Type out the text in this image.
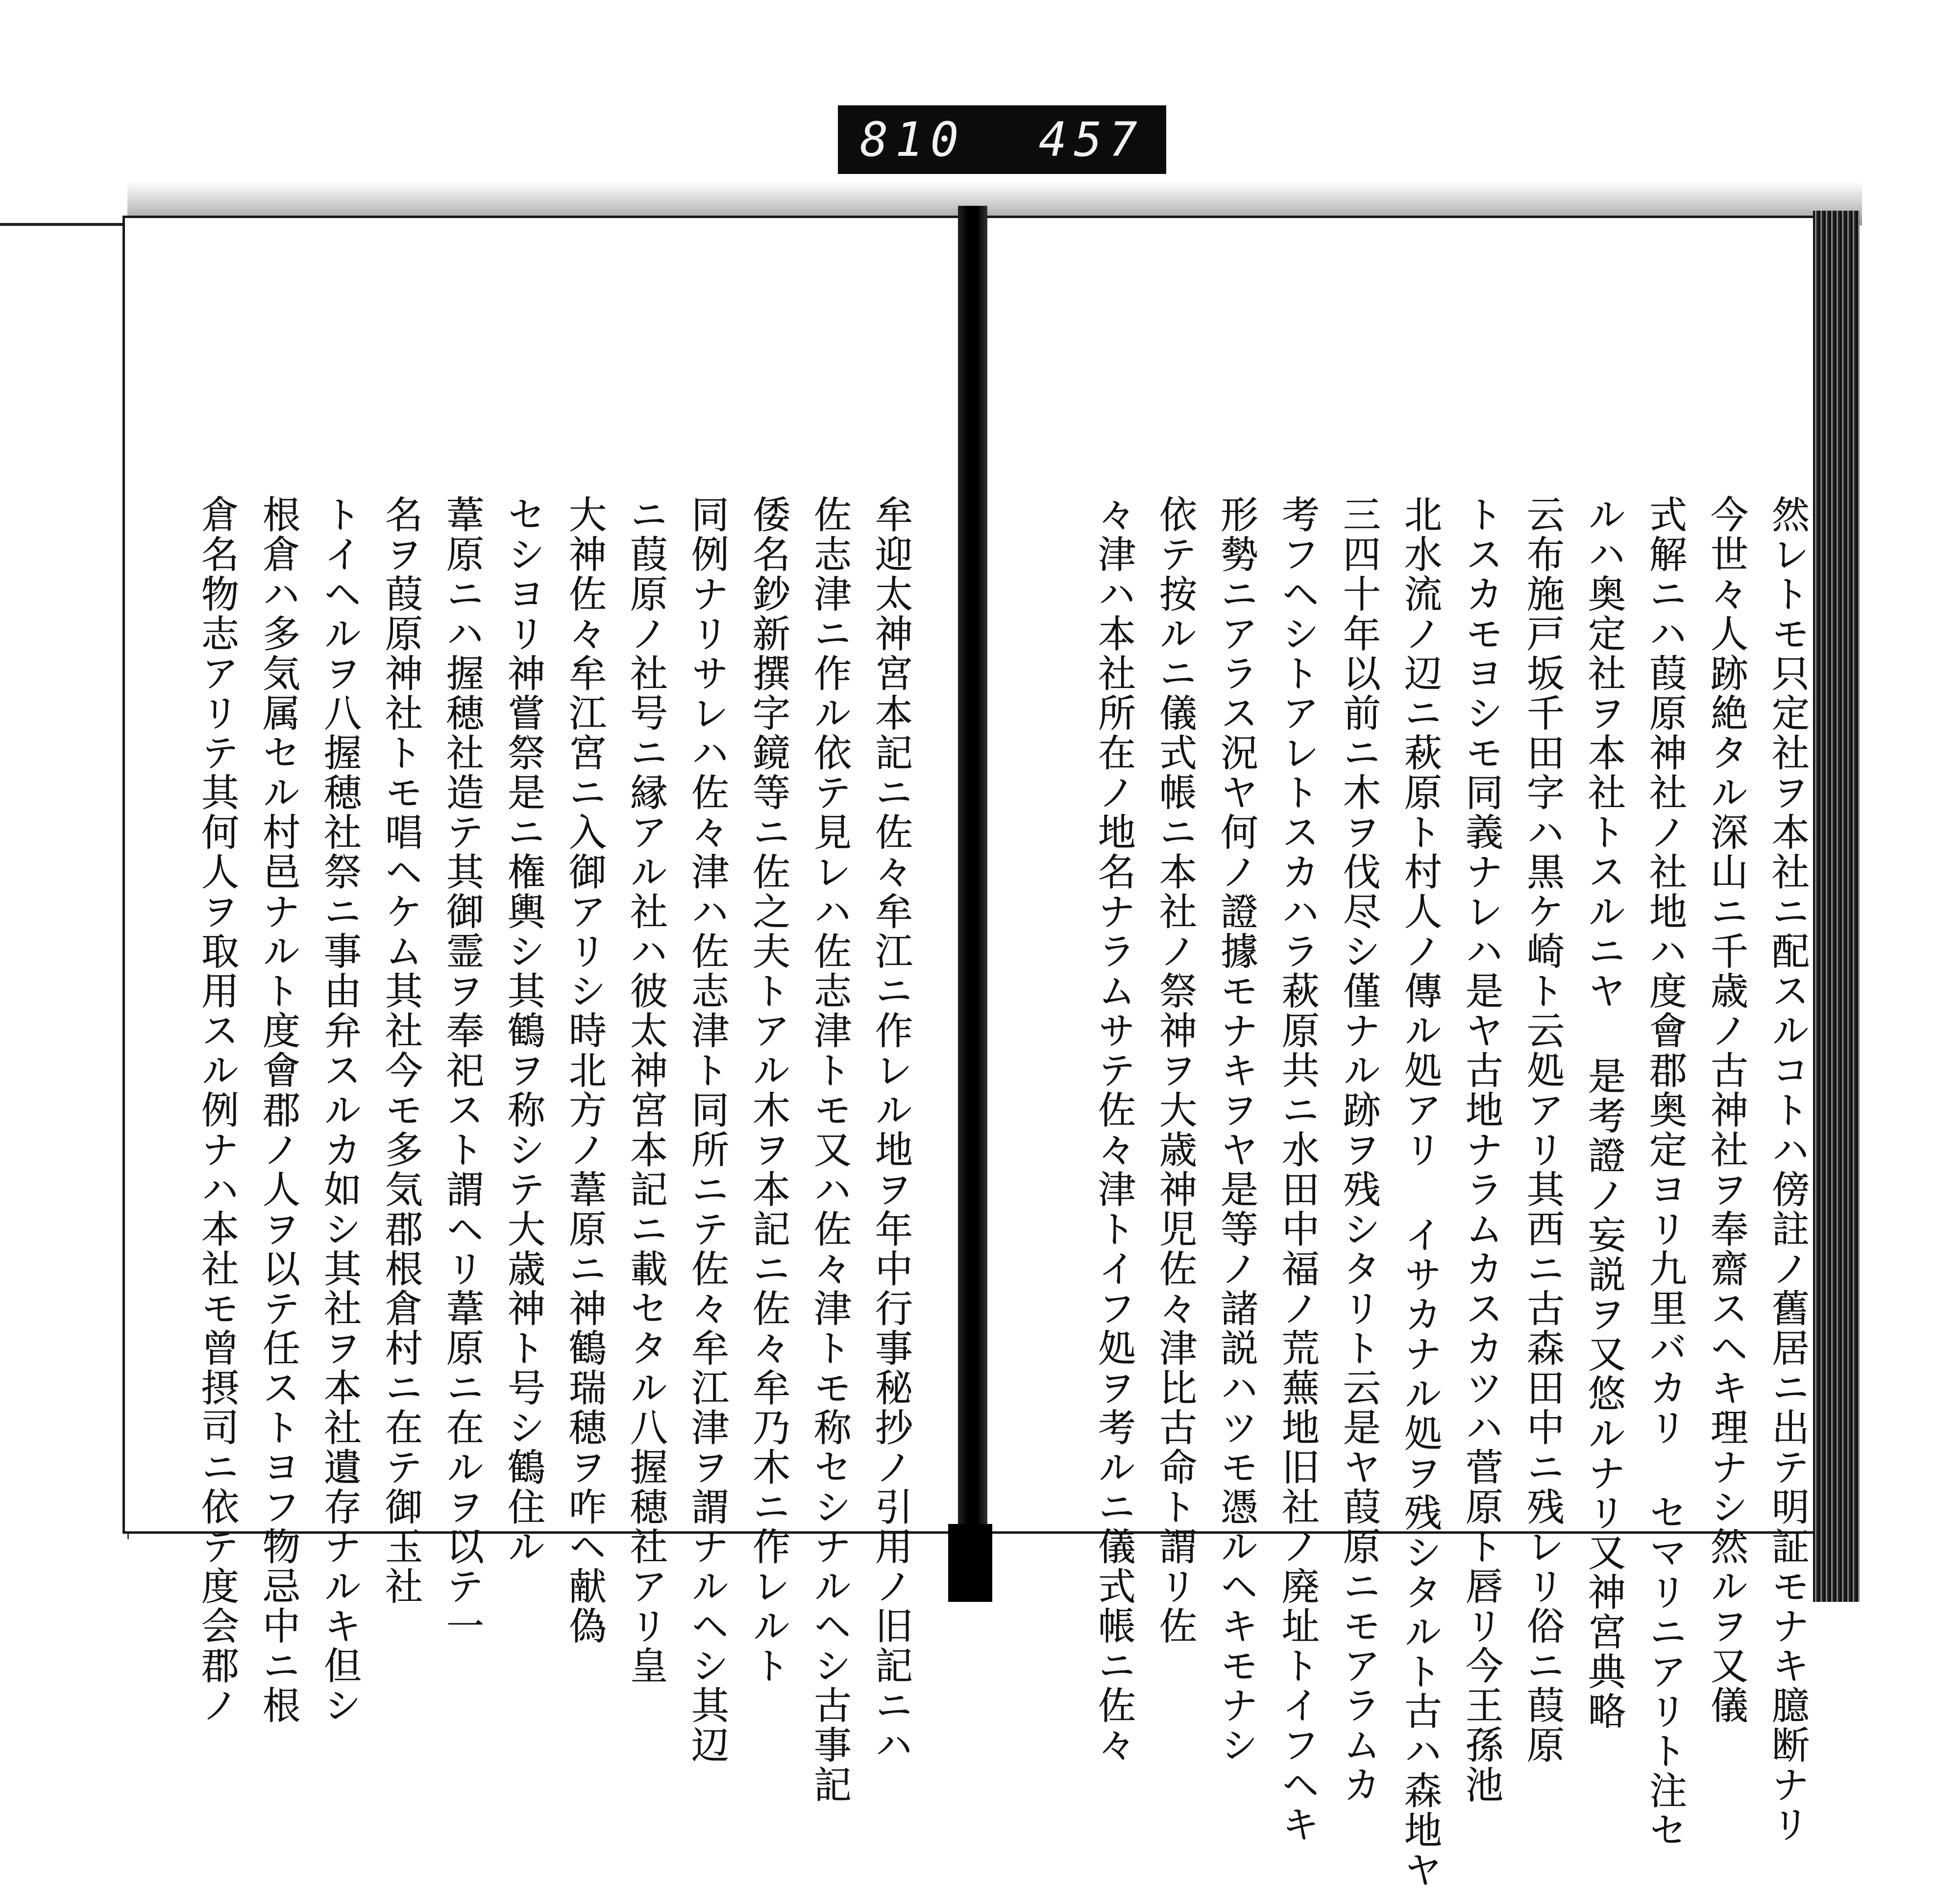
810 457

然レトモ只定社ヲ本社ニ配スルコトハ傍註ノ舊居ニ出テ明証モナキ臆断ナリ

今世々人跡絶タル深山ニ千歳ノ古神社ヲ奉齋スヘキ理ナシ然ルヲ又儀

式解ニハ葭原神社ノ社地ハ度會郡奥定ヨリ九里バカリ セマリニアリト注セ

ルハ奥定社ヲ本社トスルニヤ 是考證ノ妄説ヲ又悠ルナリ又神宮典略

云布施戸坂千田字ハ黒ケ崎ト云処アリ其西ニ古森田中ニ残レリ俗ニ葭原

トスカモヨシモ同義ナレハ是ヤ古地ナラムカスカツハ菅原ト唇リ今王孫池

北水流ノ辺ニ萩原ト村人ノ傳ル処アリ イサカナル処ヲ残シタルト古ハ森地ヤ

三四十年以前ニ木ヲ伐尽シ僅ナル跡ヲ残シタリト云是ヤ葭原ニモアラムカ

考フヘシトアレトスカハラ萩原共ニ水田中福ノ荒蕪地旧社ノ廃址トイフヘキ

形勢ニアラス況ヤ何ノ證據モナキヲヤ是等ノ諸説ハツモ憑ルヘキモナシ

依テ按ルニ儀式帳ニ本社ノ祭神ヲ大歳神児佐々津比古命ト謂リ佐

々津ハ本社所在ノ地名ナラムサテ佐々津トイフ処ヲ考ルニ儀式帳ニ佐々

牟迎太神宮本記ニ佐々牟江ニ作レル地ヲ年中行事秘抄ノ引用ノ旧記ニハ

佐志津ニ作ル依テ見レハ佐志津トモ又ハ佐々津トモ称セシナルヘシ古事記

倭名鈔新撰字鏡等ニ佐之夫トアル木ヲ本記ニ佐々牟乃木ニ作レルト

同例ナリサレハ佐々津ハ佐志津ト同所ニテ佐々牟江津ヲ謂ナルヘシ其辺

ニ葭原ノ社号ニ縁アル社ハ彼太神宮本記ニ載セタル八握穂社アリ皇

大神佐々牟江宮ニ入御アリシ時北方ノ葦原ニ神鶴瑞穂ヲ咋ヘ献偽

セシヨリ神嘗祭是ニ権輿シ其鶴ヲ称シテ大歳神ト号シ鶴住ル

葦原ニハ握穂社造テ其御霊ヲ奉祀スト謂ヘリ葦原ニ在ルヲ以テ一

名ヲ葭原神社トモ唱ヘケム其社今モ多気郡根倉村ニ在テ御玉社

トイヘルヲ八握穂社祭ニ事由弁スルカ如シ其社ヲ本社遺存ナルキ但シ

根倉ハ多気属セル村邑ナルト度會郡ノ人ヲ以テ任ストヨフ物忌中ニ根

倉名物志アリテ其何人ヲ取用スル例ナハ本社モ曾摂司ニ依テ度会郡ノ
